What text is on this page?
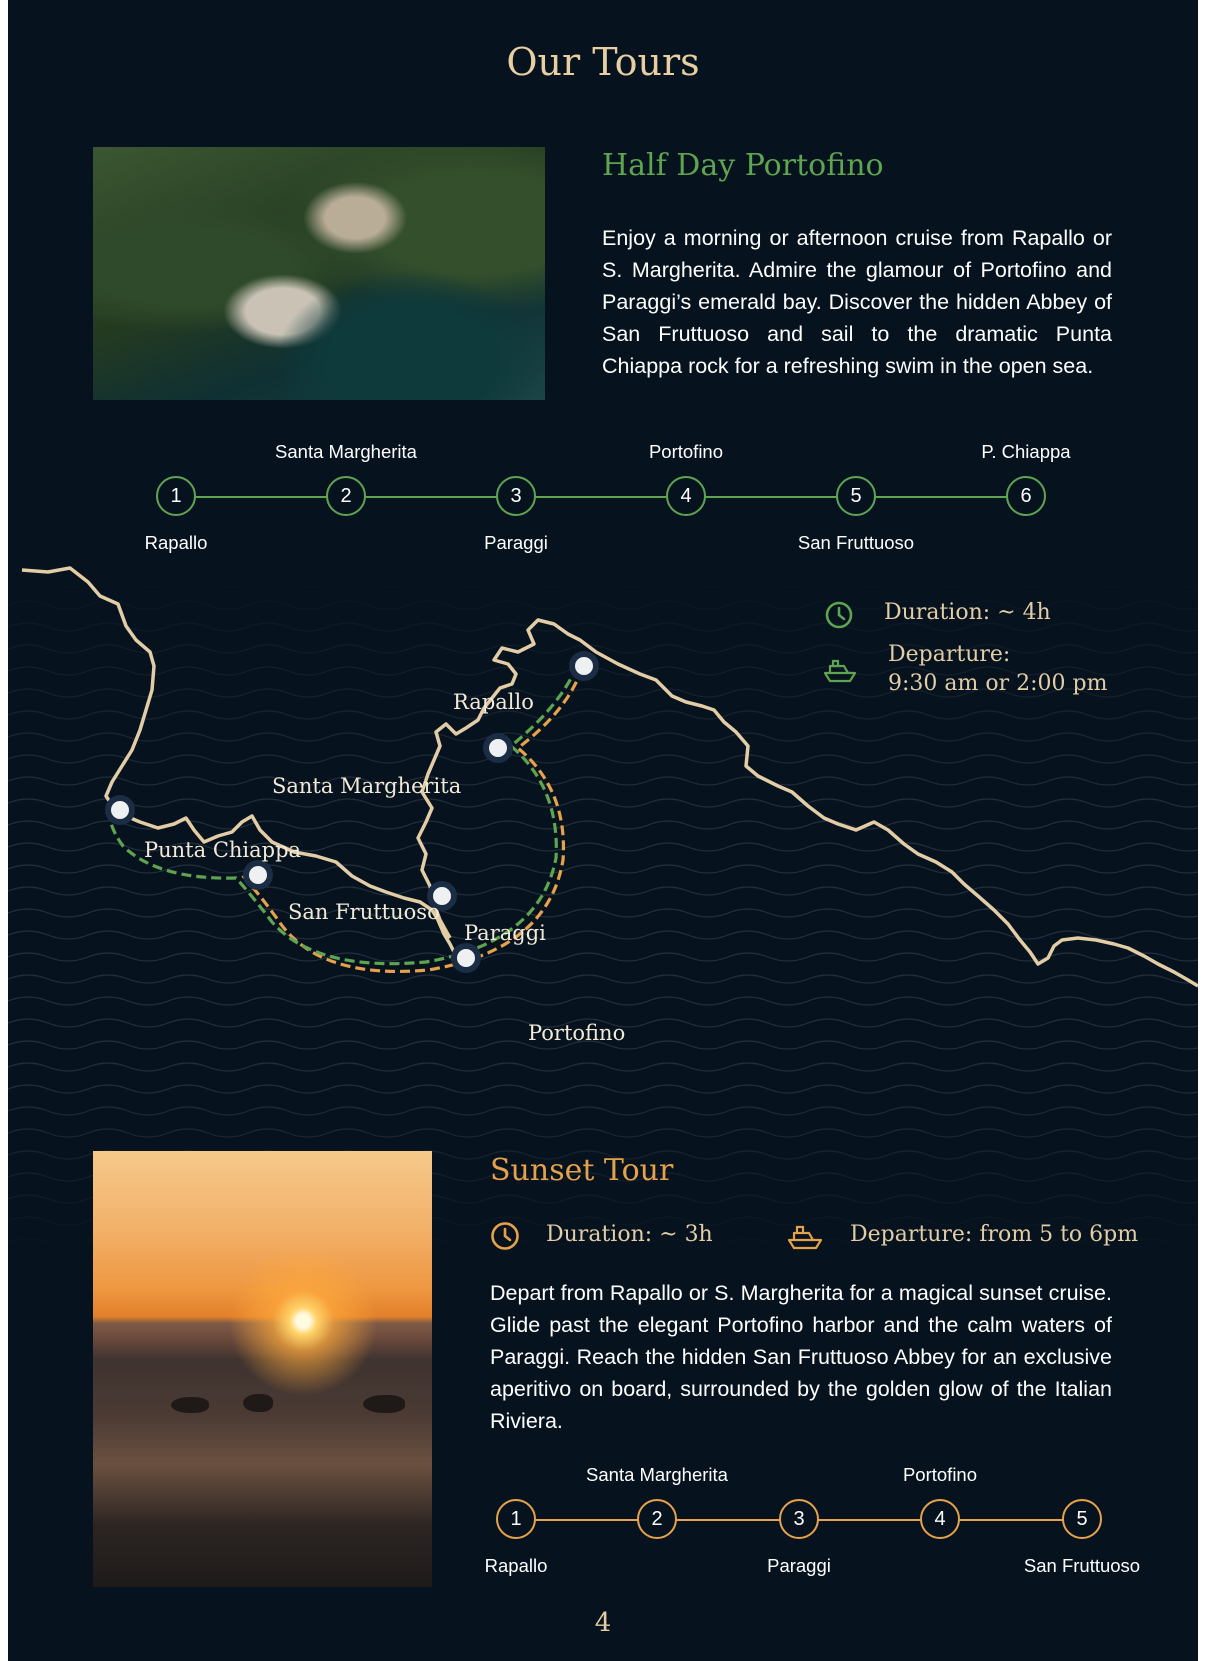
Our Tours
Half Day Portofino
Enjoy a morning or afternoon cruise from Rapallo or S. Margherita. Admire the glamour of Portofino and Paraggi’s emerald bay. Discover the hidden Abbey of San Fruttuoso and sail to the dramatic Punta Chiappa rock for a refreshing swim in the open sea.
1	2	3	4	5	6
Rapallo
Santa Margherita
Paraggi
Portofino
San Fruttuoso
P. Chiappa
Rapallo
Santa Margherita
Punta Chiappa
San Fruttuoso
Paraggi
Portofino
Duration: ~ 4h
Departure:
9:30 am or 2:00 pm
Sunset Tour
Duration: ~ 3h	Departure: from 5 to 6pm
Depart from Rapallo or S. Margherita for a magical sunset cruise. Glide past the elegant Portofino harbor and the calm waters of Paraggi. Reach the hidden San Fruttuoso Abbey for an exclusive aperitivo on board, surrounded by the golden glow of the Italian Riviera.
1	2	3	4	5
Rapallo
Santa Margherita
Paraggi
Portofino
San Fruttuoso
4
